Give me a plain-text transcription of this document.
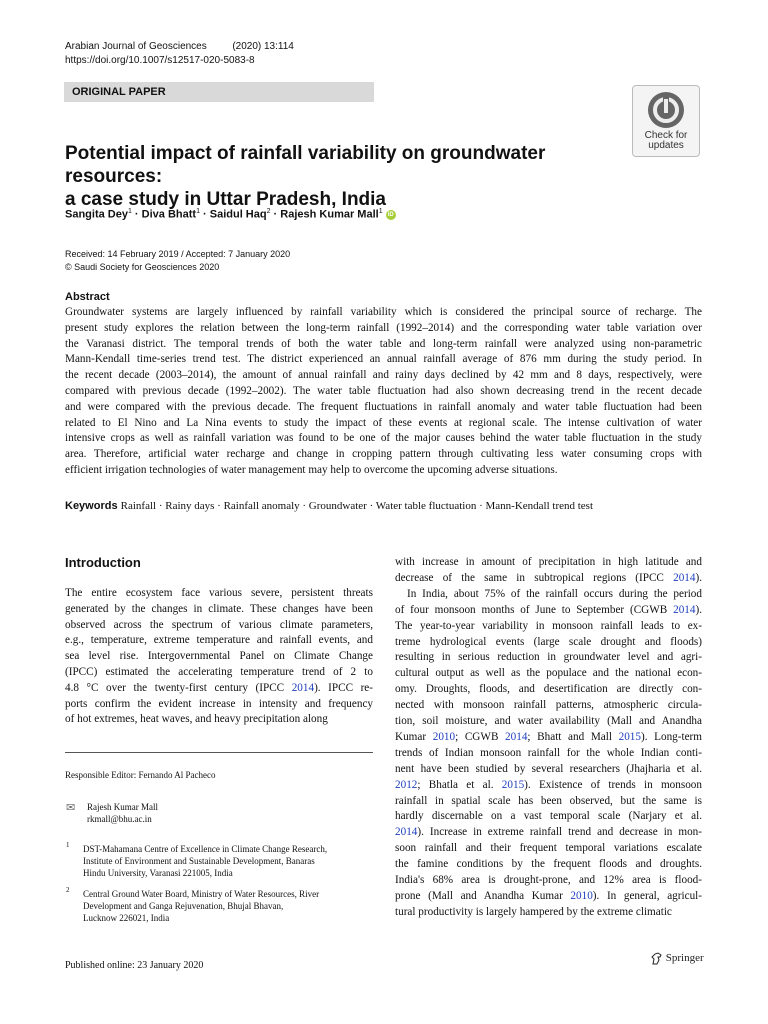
Arabian Journal of Geosciences	(2020) 13:114
https://doi.org/10.1007/s12517-020-5083-8
ORIGINAL PAPER
Check for
updates
Potential impact of rainfall variability on groundwater resources:
a case study in Uttar Pradesh, India
Sangita Dey$^1$ · Diva Bhatt$^1$ · Saidul Haq$^2$ · Rajesh Kumar Mall$^1$ iD
Received: 14 February 2019 / Accepted: 7 January 2020
© Saudi Society for Geosciences 2020
Abstract
Groundwater systems are largely influenced by rainfall variability which is considered the principal source of recharge. The
present study explores the relation between the long-term rainfall (1992–2014) and the corresponding water table variation over
the Varanasi district. The temporal trends of both the water table and long-term rainfall were analyzed using non-parametric
Mann-Kendall time-series trend test. The district experienced an annual rainfall average of 876 mm during the study period. In
the recent decade (2003–2014), the amount of annual rainfall and rainy days declined by 42 mm and 8 days, respectively, were
compared with previous decade (1992–2002). The water table fluctuation had also shown decreasing trend in the recent decade
and were compared with the previous decade. The frequent fluctuations in rainfall anomaly and water table fluctuation had been
related to El Nino and La Nina events to study the impact of these events at regional scale. The intense cultivation of water
intensive crops as well as rainfall variation was found to be one of the major causes behind the water table fluctuation in the study
area. Therefore, artificial water recharge and change in cropping pattern through cultivating less water consuming crops with
efficient irrigation technologies of water management may help to overcome the upcoming adverse situations.
Keywords Rainfall · Rainy days · Rainfall anomaly · Groundwater · Water table fluctuation · Mann-Kendall trend test
Introduction
The entire ecosystem face various severe, persistent threats
generated by the changes in climate. These changes have been
observed across the spectrum of various climate parameters,
e.g., temperature, extreme temperature and rainfall events, and
sea level rise. Intergovernmental Panel on Climate Change
(IPCC) estimated the accelerating temperature trend of 2 to
4.8 °C over the twenty-first century (IPCC 2014). IPCC re-
ports confirm the evident increase in intensity and frequency
of hot extremes, heat waves, and heavy precipitation along
with increase in amount of precipitation in high latitude and
decrease of the same in subtropical regions (IPCC 2014).
In India, about 75% of the rainfall occurs during the period
of four monsoon months of June to September (CGWB 2014).
The year-to-year variability in monsoon rainfall leads to ex-
treme hydrological events (large scale drought and floods)
resulting in serious reduction in groundwater level and agri-
cultural output as well as the populace and the national econ-
omy. Droughts, floods, and desertification are directly con-
nected with monsoon rainfall patterns, atmospheric circula-
tion, soil moisture, and water availability (Mall and Anandha
Kumar 2010; CGWB 2014; Bhatt and Mall 2015). Long-term
trends of Indian monsoon rainfall for the whole Indian conti-
nent have been studied by several researchers (Jhajharia et al.
2012; Bhatla et al. 2015). Existence of trends in monsoon
rainfall in spatial scale has been observed, but the same is
hardly discernable on a vast temporal scale (Narjary et al.
2014). Increase in extreme rainfall trend and decrease in mon-
soon rainfall and their frequent temporal variations escalate
the famine conditions by the frequent floods and droughts.
India's 68% area is drought-prone, and 12% area is flood-
prone (Mall and Anandha Kumar 2010). In general, agricul-
tural productivity is largely hampered by the extreme climatic
Responsible Editor: Fernando Al Pacheco
✉ Rajesh Kumar Mall
rkmall@bhu.ac.in
1 DST-Mahamana Centre of Excellence in Climate Change Research,
Institute of Environment and Sustainable Development, Banaras
Hindu University, Varanasi 221005, India
2 Central Ground Water Board, Ministry of Water Resources, River
Development and Ganga Rejuvenation, Bhujal Bhavan,
Lucknow 226021, India
Published online: 23 January 2020
Springer
